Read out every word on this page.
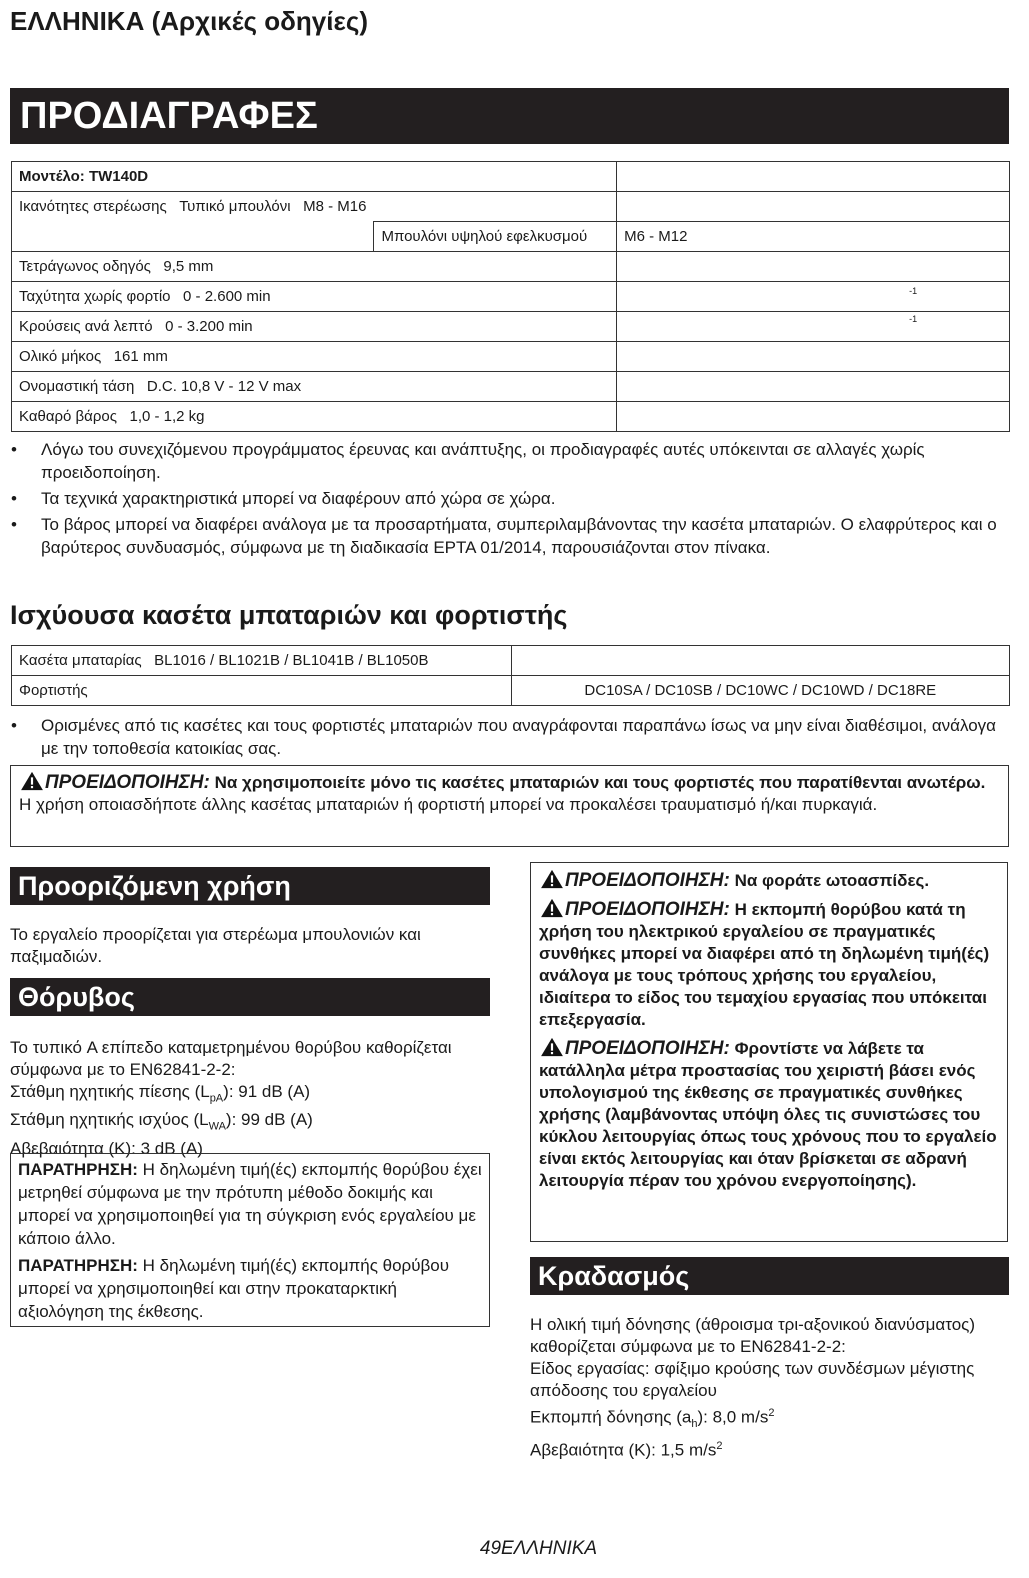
ΕΛΛΗΝΙΚΑ (Αρχικές οδηγίες)
ΠΡΟΔΙΑΓΡΑΦΕΣ
Μοντέλο: TW140D		
Ικανότητες στερέωσης Τυπικό μπουλόνι M8 - M16		
	Μπουλόνι υψηλού εφελκυσμού	M6 - M12
Τετράγωνος οδηγός 9,5 mm		
Ταχύτητα χωρίς φορτίο 0 - 2.600 min		-1

Κρούσεις ανά λεπτό 0 - 3.200 min		-1

Ολικό μήκος 161 mm		
Ονομαστική τάση D.C. 10,8 V - 12 V max		
Καθαρό βάρος 1,0 - 1,2 kg		
• Λόγω του συνεχιζόμενου προγράμματος έρευνας και ανάπτυξης, οι προδιαγραφές αυτές υπόκεινται σε αλλαγές χωρίς προειδοποίηση.
• Τα τεχνικά χαρακτηριστικά μπορεί να διαφέρουν από χώρα σε χώρα.
• Το βάρος μπορεί να διαφέρει ανάλογα με τα προσαρτήματα, συμπεριλαμβάνοντας την κασέτα μπαταριών. Ο ελαφρύτερος και ο βαρύτερος συνδυασμός, σύμφωνα με τη διαδικασία EPTA 01/2014, παρουσιάζονται στον πίνακα.
Ισχύουσα κασέτα μπαταριών και φορτιστής
Κασέτα μπαταρίας BL1016 / BL1021B / BL1041B / BL1050B	
Φορτιστής	DC10SA / DC10SB / DC10WC / DC10WD / DC18RE
• Ορισμένες από τις κασέτες και τους φορτιστές μπαταριών που αναγράφονται παραπάνω ίσως να μην είναι διαθέσιμοι, ανάλογα με την τοποθεσία κατοικίας σας.
ΠΡΟΕΙΔΟΠΟΙΗΣΗ: Να χρησιμοποιείτε μόνο τις κασέτες μπαταριών και τους φορτιστές που παρατίθενται ανωτέρω. Η χρήση οποιασδήποτε άλλης κασέτας μπαταριών ή φορτιστή μπορεί να προκαλέσει τραυματισμό ή/και πυρκαγιά.
Προοριζόμενη χρήση
Το εργαλείο προορίζεται για στερέωμα μπουλονιών και παξιμαδιών.
Θόρυβος
Το τυπικό A επίπεδο καταμετρημένου θορύβου καθορίζεται σύμφωνα με το EN62841-2-2:
Στάθμη ηχητικής πίεσης $(L_{pA})$: 91 dB (A)
Στάθμη ηχητικής ισχύος $(L_{WA})$: 99 dB (A)
Αβεβαιότητα (K): 3 dB (A)

ΠΑΡΑΤΗΡΗΣΗ: Η δηλωμένη τιμή(ές) εκπομπής θορύβου έχει μετρηθεί σύμφωνα με την πρότυπη μέθοδο δοκιμής και μπορεί να χρησιμοποιηθεί για τη σύγκριση ενός εργαλείου με κάποιο άλλο.

ΠΑΡΑΤΗΡΗΣΗ: Η δηλωμένη τιμή(ές) εκπομπής θορύβου μπορεί να χρησιμοποιηθεί και στην προκαταρκτική αξιολόγηση της έκθεσης.

ΠΡΟΕΙΔΟΠΟΙΗΣΗ: Να φοράτε ωτοασπίδες.
ΠΡΟΕΙΔΟΠΟΙΗΣΗ: Η εκπομπή θορύβου κατά τη χρήση του ηλεκτρικού εργαλείου σε πραγματικές συνθήκες μπορεί να διαφέρει από τη δηλωμένη τιμή(ές) ανάλογα με τους τρόπους χρήσης του εργαλείου, ιδιαίτερα το είδος του τεμαχίου εργασίας που υπόκειται επεξεργασία.
ΠΡΟΕΙΔΟΠΟΙΗΣΗ: Φροντίστε να λάβετε τα κατάλληλα μέτρα προστασίας του χειριστή βάσει ενός υπολογισμού της έκθεσης σε πραγματικές συνθήκες χρήσης (λαμβάνοντας υπόψη όλες τις συνιστώσες του κύκλου λειτουργίας όπως τους χρόνους που το εργαλείο είναι εκτός λειτουργίας και όταν βρίσκεται σε αδρανή λειτουργία πέραν του χρόνου ενεργοποίησης).
Κραδασμός
Η ολική τιμή δόνησης (άθροισμα τρι-αξονικού διανύσματος) καθορίζεται σύμφωνα με το EN62841-2-2:
Είδος εργασίας: σφίξιμο κρούσης των συνδέσμων μέγιστης απόδοσης του εργαλείου
Εκπομπή δόνησης $(a_h)$: 8,0 $m/s^2$
Αβεβαιότητα (K): 1,5 $m/s^2$
49ΕΛΛΗΝΙΚΑ
